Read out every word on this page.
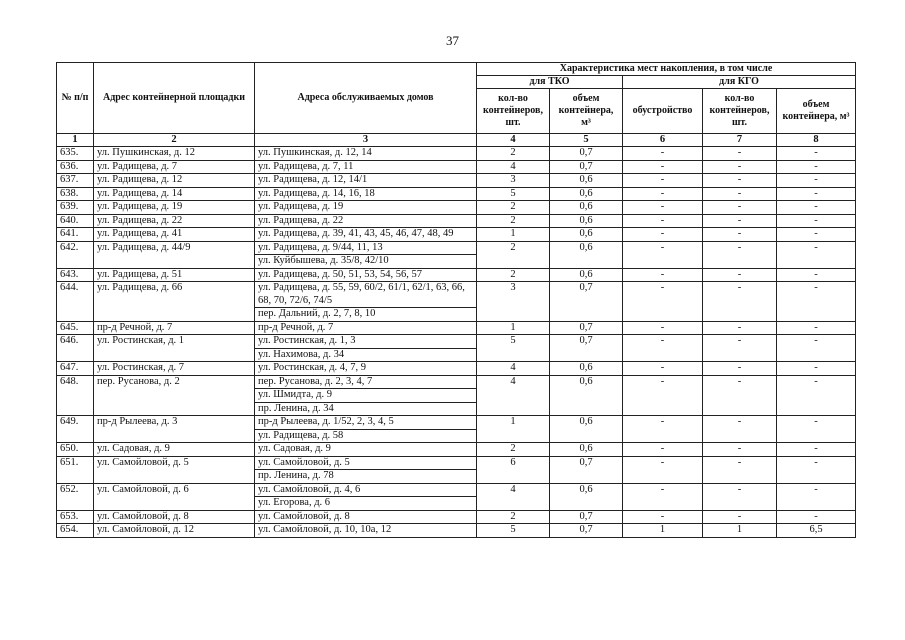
37
№ п/п	Адрес контейнерной площадки	Адреса обслуживаемых домов	Характеристика мест накопления, в том числе				
			для ТКО		для КГО		
			кол-во контейнеров, шт.	объем контейнера, м³	обустройство	кол-во контейнеров, шт.	объем контейнера, м³
1	2	3	4	5	6	7	8
635.	ул. Пушкинская, д. 12	ул. Пушкинская, д. 12, 14	2	0,7	-	-	-
636.	ул. Радищева, д. 7	ул. Радищева, д. 7, 11	4	0,7	-	-	-
637.	ул. Радищева, д. 12	ул. Радищева, д. 12, 14/1	3	0,6	-	-	-
638.	ул. Радищева, д. 14	ул. Радищева, д. 14, 16, 18	5	0,6	-	-	-
639.	ул. Радищева, д. 19	ул. Радищева, д. 19	2	0,6	-	-	-
640.	ул. Радищева, д. 22	ул. Радищева, д. 22	2	0,6	-	-	-
641.	ул. Радищева, д. 41	ул. Радищева, д. 39, 41, 43, 45, 46, 47, 48, 49	1	0,6	-	-	-
642.	ул. Радищева, д. 44/9	ул. Радищева, д. 9/44, 11, 13	2	0,6	-	-	-
		ул. Куйбышева, д. 35/8, 42/10					
643.	ул. Радищева, д. 51	ул. Радищева, д. 50, 51, 53, 54, 56, 57	2	0,6	-	-	-
644.	ул. Радищева, д. 66	ул. Радищева, д. 55, 59, 60/2, 61/1, 62/1, 63, 66, 68, 70, 72/6, 74/5	3	0,7	-	-	-
		пер. Дальний, д. 2, 7, 8, 10					
645.	пр-д Речной, д. 7	пр-д Речной, д. 7	1	0,7	-	-	-
646.	ул. Ростинская, д. 1	ул. Ростинская, д. 1, 3	5	0,7	-	-	-
		ул. Нахимова, д. 34					
647.	ул. Ростинская, д. 7	ул. Ростинская, д. 4, 7, 9	4	0,6	-	-	-
648.	пер. Русанова, д. 2	пер. Русанова, д. 2, 3, 4, 7	4	0,6	-	-	-
		ул. Шмидта, д. 9					
		пр. Ленина, д. 34					
649.	пр-д Рылеева, д. 3	пр-д Рылеева, д. 1/52, 2, 3, 4, 5	1	0,6	-	-	-
		ул. Радищева, д. 58					
650.	ул. Садовая, д. 9	ул. Садовая, д. 9	2	0,6	-	-	-
651.	ул. Самойловой, д. 5	ул. Самойловой, д. 5	6	0,7	-	-	-
		пр. Ленина, д. 78					
652.	ул. Самойловой, д. 6	ул. Самойловой, д. 4, 6	4	0,6	-	-	-
		ул. Егорова, д. 6					
653.	ул. Самойловой, д. 8	ул. Самойловой, д. 8	2	0,7	-	-	-
654.	ул. Самойловой, д. 12	ул. Самойловой, д. 10, 10а, 12	5	0,7	1	1	6,5
